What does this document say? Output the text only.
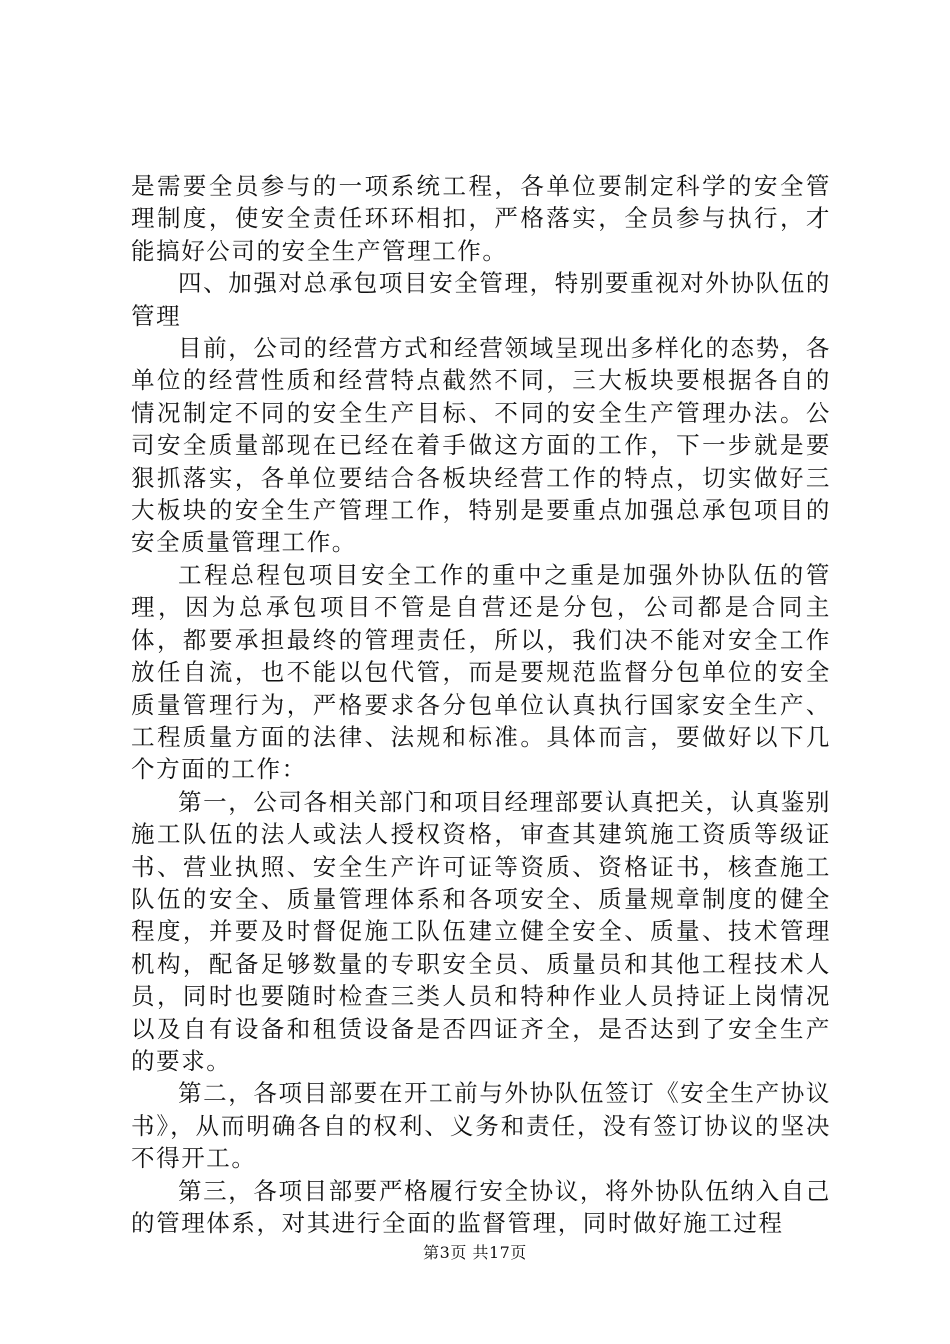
是需要全员参与的一项系统工程，各单位要制定科学的安全管理制度，使安全责任环环相扣，严格落实，全员参与执行，才能搞好公司的安全生产管理工作。

四、加强对总承包项目安全管理，特别要重视对外协队伍的管理

目前，公司的经营方式和经营领域呈现出多样化的态势，各单位的经营性质和经营特点截然不同，三大板块要根据各自的情况制定不同的安全生产目标、不同的安全生产管理办法。公司安全质量部现在已经在着手做这方面的工作，下一步就是要狠抓落实，各单位要结合各板块经营工作的特点，切实做好三大板块的安全生产管理工作，特别是要重点加强总承包项目的安全质量管理工作。

工程总程包项目安全工作的重中之重是加强外协队伍的管理，因为总承包项目不管是自营还是分包，公司都是合同主体，都要承担最终的管理责任，所以，我们决不能对安全工作放任自流，也不能以包代管，而是要规范监督分包单位的安全质量管理行为，严格要求各分包单位认真执行国家安全生产、工程质量方面的法律、法规和标准。具体而言，要做好以下几个方面的工作：

第一，公司各相关部门和项目经理部要认真把关，认真鉴别施工队伍的法人或法人授权资格，审查其建筑施工资质等级证书、营业执照、安全生产许可证等资质、资格证书，核查施工队伍的安全、质量管理体系和各项安全、质量规章制度的健全程度，并要及时督促施工队伍建立健全安全、质量、技术管理机构，配备足够数量的专职安全员、质量员和其他工程技术人员，同时也要随时检查三类人员和特种作业人员持证上岗情况以及自有设备和租赁设备是否四证齐全，是否达到了安全生产的要求。

第二，各项目部要在开工前与外协队伍签订《安全生产协议书》，从而明确各自的权利、义务和责任，没有签订协议的坚决不得开工。

第三，各项目部要严格履行安全协议，将外协队伍纳入自己的管理体系，对其进行全面的监督管理，同时做好施工过程

第3页 共17页
